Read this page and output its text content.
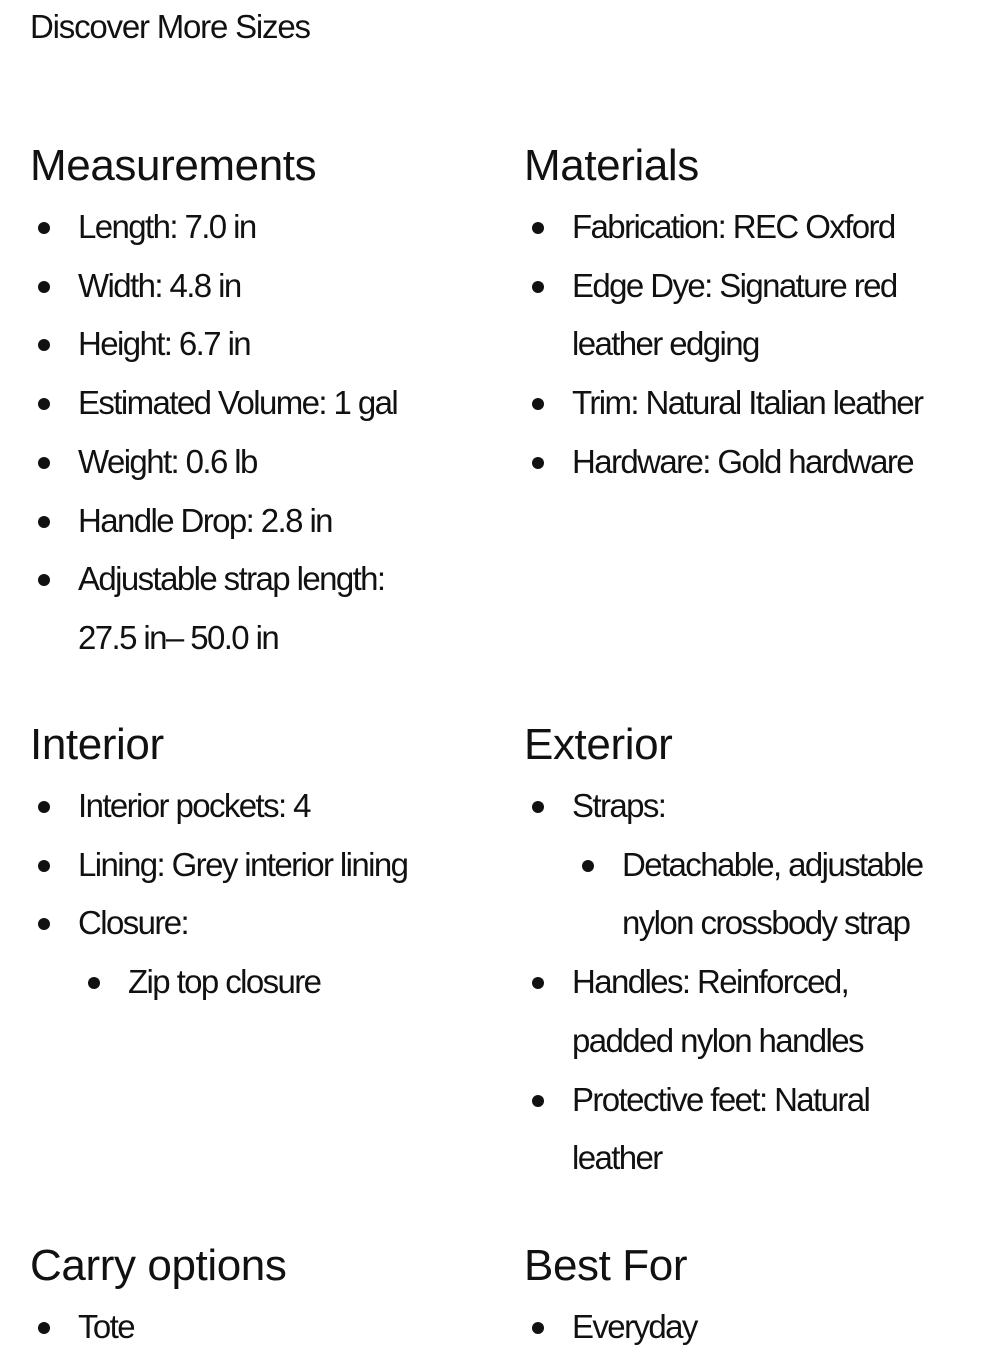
Discover More Sizes
Measurements
Length: 7.0 in
Width: 4.8 in
Height: 6.7 in
Estimated Volume: 1 gal
Weight: 0.6 lb
Handle Drop: 2.8 in
Adjustable strap length: 27.5 in– 50.0 in
Materials
Fabrication: REC Oxford
Edge Dye: Signature red leather edging
Trim: Natural Italian leather
Hardware: Gold hardware
Interior
Interior pockets: 4
Lining: Grey interior lining
Closure:
Zip top closure
Exterior
Straps:
Detachable, adjustable nylon crossbody strap
Handles: Reinforced, padded nylon handles
Protective feet: Natural leather
Carry options
Tote
Best For
Everyday
